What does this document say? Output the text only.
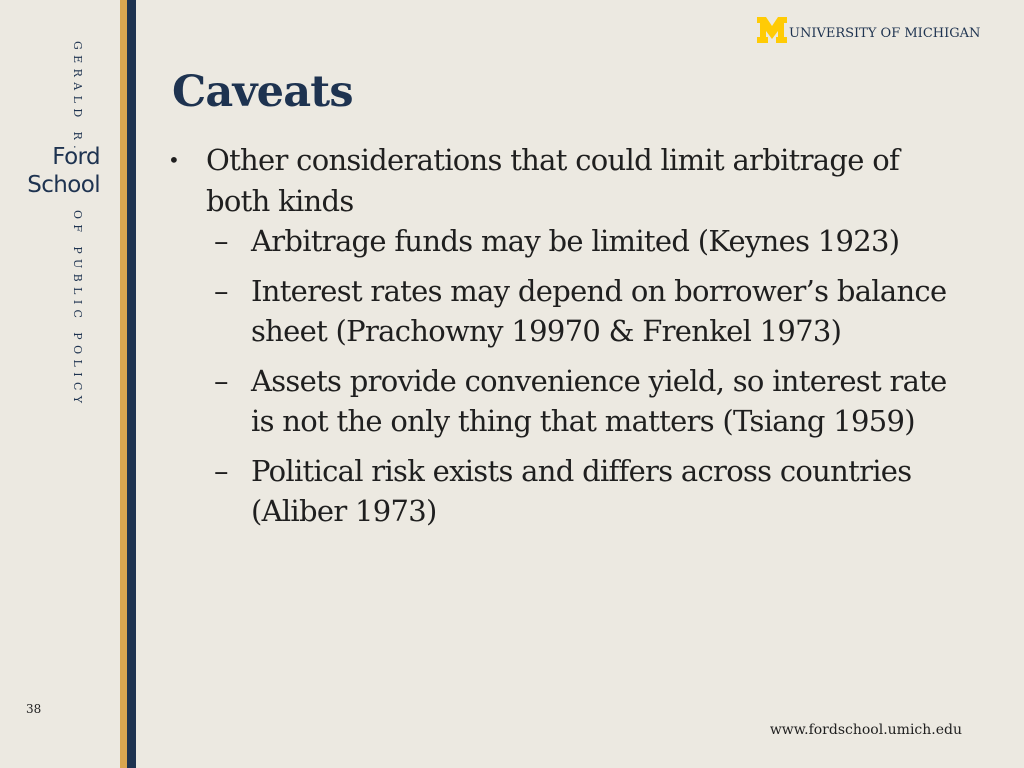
GERALD R.
Ford
School
OF PUBLIC POLICY
UNIVERSITY OF MICHIGAN
Caveats
• Other considerations that could limit arbitrage of both kinds
– Arbitrage funds may be limited (Keynes 1923)
– Interest rates may depend on borrower’s balance sheet (Prachowny 19970 & Frenkel 1973)
– Assets provide convenience yield, so interest rate is not the only thing that matters (Tsiang 1959)
– Political risk exists and differs across countries (Aliber 1973)
38
www.fordschool.umich.edu
